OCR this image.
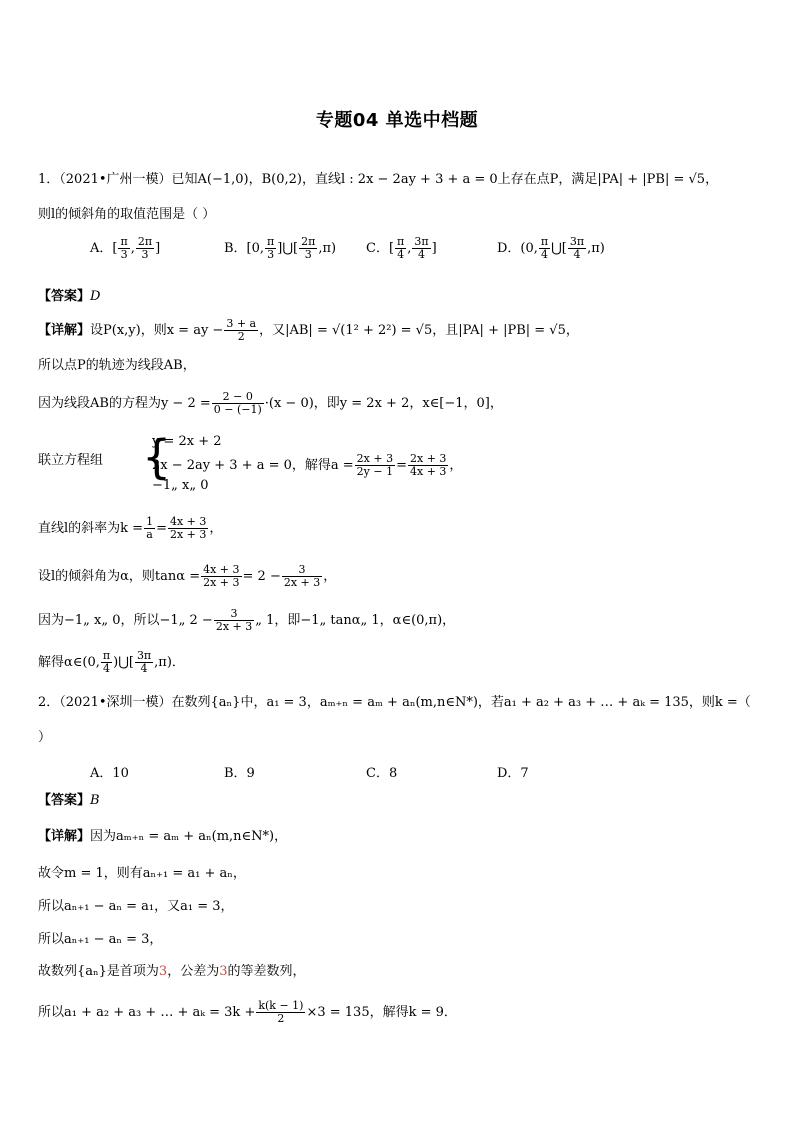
专题04 单选中档题
1．（2021•广州一模）已知A(−1,0)，B(0,2)，直线l : 2x − 2ay + 3 + a = 0上存在点P，满足|PA| + |PB| = √5，
则l的倾斜角的取值范围是（ ）
A．[ $\frac{\pi}{3}$ , $\frac{2\pi}{3}$ ]	B．[0, $\frac{\pi}{3}$ ]⋃[ $\frac{2\pi}{3} ,\pi$) C．[ $\frac{\pi}{4}$ , $\frac{3\pi}{4}$ ]	D．(0, $\frac{\pi}{4}$ ⋃[ $\frac{3\pi}{4} ,\pi$)
【答案】D
【详解】设P(x,y)，则x = ay − $\frac{3 + a}{2}$ ，又|AB| = √(1² + 2²) = √5，且|PA| + |PB| = √5，
所以点P的轨迹为线段AB，
因为线段AB的方程为$y - 2 = \frac{2 - 0}{0 - (-1)} \cdot(x - 0)$，即y = 2x + 2，x∈[−1，0]，
联立方程组 {
y = 2x + 2
2x − 2ay + 3 + a = 0，解得$a = \frac{2x + 3}{2y - 1} = \frac{2x + 3}{4x + 3}$ ，
−1„ x„ 0
直线l的斜率为$k = \frac{1}{a} = \frac{4x + 3}{2x + 3}$ ，
设l的倾斜角为α，则$\tan\alpha = \frac{4x + 3}{2x + 3} = 2 - \frac{3}{2x + 3}$ ，
因为−1„ x„ 0，所以−1„ $2 - \frac{3}{2x + 3}$ „ 1，即−1„ tanα„ 1，α∈(0,π)，
解得α∈(0, $\frac{\pi}{4}$ )⋃[ $\frac{3\pi}{4} ,\pi$)．
2．（2021•深圳一模）在数列{aₙ}中，a₁ = 3，aₘ₊ₙ = aₘ + aₙ(m,n∈N*)，若a₁ + a₂ + a₃ + … + aₖ = 135，则k =（
）
A．10	B．9	C．8	D．7
【答案】B
【详解】因为aₘ₊ₙ = aₘ + aₙ(m,n∈N*)，
故令m = 1，则有aₙ₊₁ = a₁ + aₙ，
所以aₙ₊₁ − aₙ = a₁，又a₁ = 3，
所以aₙ₊₁ − aₙ = 3，
故数列{aₙ}是首项为3，公差为3的等差数列，
所以a₁ + a₂ + a₃ + … + $a_k = 3k + \frac{k(k - 1)}{2} \times 3 = 135$，解得k = 9．
